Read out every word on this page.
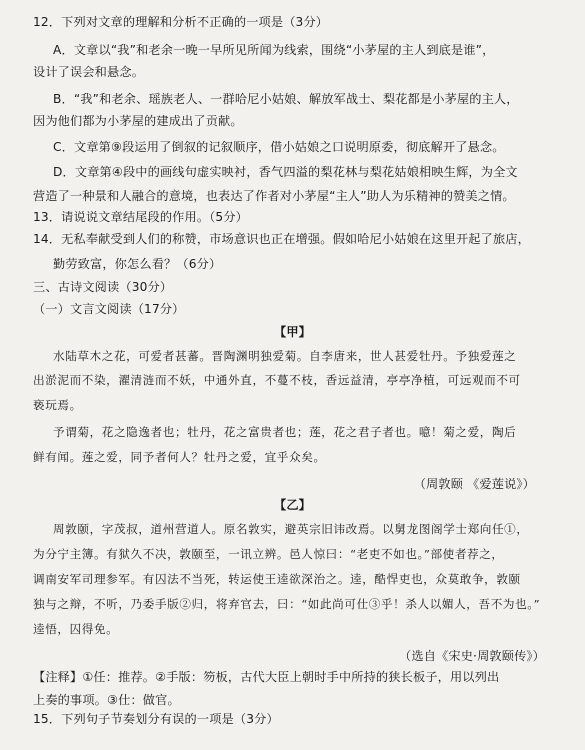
12．下列对文章的理解和分析不正确的一项是（3分）
A．文章以“我”和老余一晚一早所见所闻为线索，围绕“小茅屋的主人到底是谁”，
设计了误会和悬念。
B．“我”和老余、瑶族老人、一群哈尼小姑娘、解放军战士、梨花都是小茅屋的主人，
因为他们都为小茅屋的建成出了贡献。
C．文章第⑨段运用了倒叙的记叙顺序，借小姑娘之口说明原委，彻底解开了悬念。
D．文章第④段中的画线句虚实映衬，香气四溢的梨花林与梨花姑娘相映生辉，为全文
营造了一种景和人融合的意境，也表达了作者对小茅屋“主人”助人为乐精神的赞美之情。
13．请说说文章结尾段的作用。（5分）
14．无私奉献受到人们的称赞，市场意识也正在增强。假如哈尼小姑娘在这里开起了旅店，
勤劳致富，你怎么看？（6分）
三、古诗文阅读（30分）
（一）文言文阅读（17分）
【甲】
水陆草木之花，可爱者甚蕃。晋陶渊明独爱菊。自李唐来，世人甚爱牡丹。予独爱莲之
出淤泥而不染，濯清涟而不妖，中通外直，不蔓不枝，香远益清，亭亭净植，可远观而不可
亵玩焉。
予谓菊，花之隐逸者也；牡丹，花之富贵者也；莲，花之君子者也。噫！菊之爱，陶后
鲜有闻。莲之爱，同予者何人？牡丹之爱，宜乎众矣。
（周敦颐 《爱莲说》）
【乙】
周敦颐，字茂叔，道州营道人。原名敦实，避英宗旧讳改焉。以舅龙图阁学士郑向任①，
为分宁主簿。有狱久不决，敦颐至，一讯立辨。邑人惊曰：“老吏不如也。”部使者荐之，
调南安军司理参军。有囚法不当死，转运使王逵欲深治之。逵，酷悍吏也，众莫敢争，敦颐
独与之辩，不听，乃委手版②归，将弃官去，曰：“如此尚可仕③乎！杀人以媚人，吾不为也。”
逵悟，囚得免。
（选自《宋史·周敦颐传》）
【注释】①任：推荐。②手版：笏板，古代大臣上朝时手中所持的狭长板子，用以列出
上奏的事项。③仕：做官。
15．下列句子节奏划分有误的一项是（3分）
